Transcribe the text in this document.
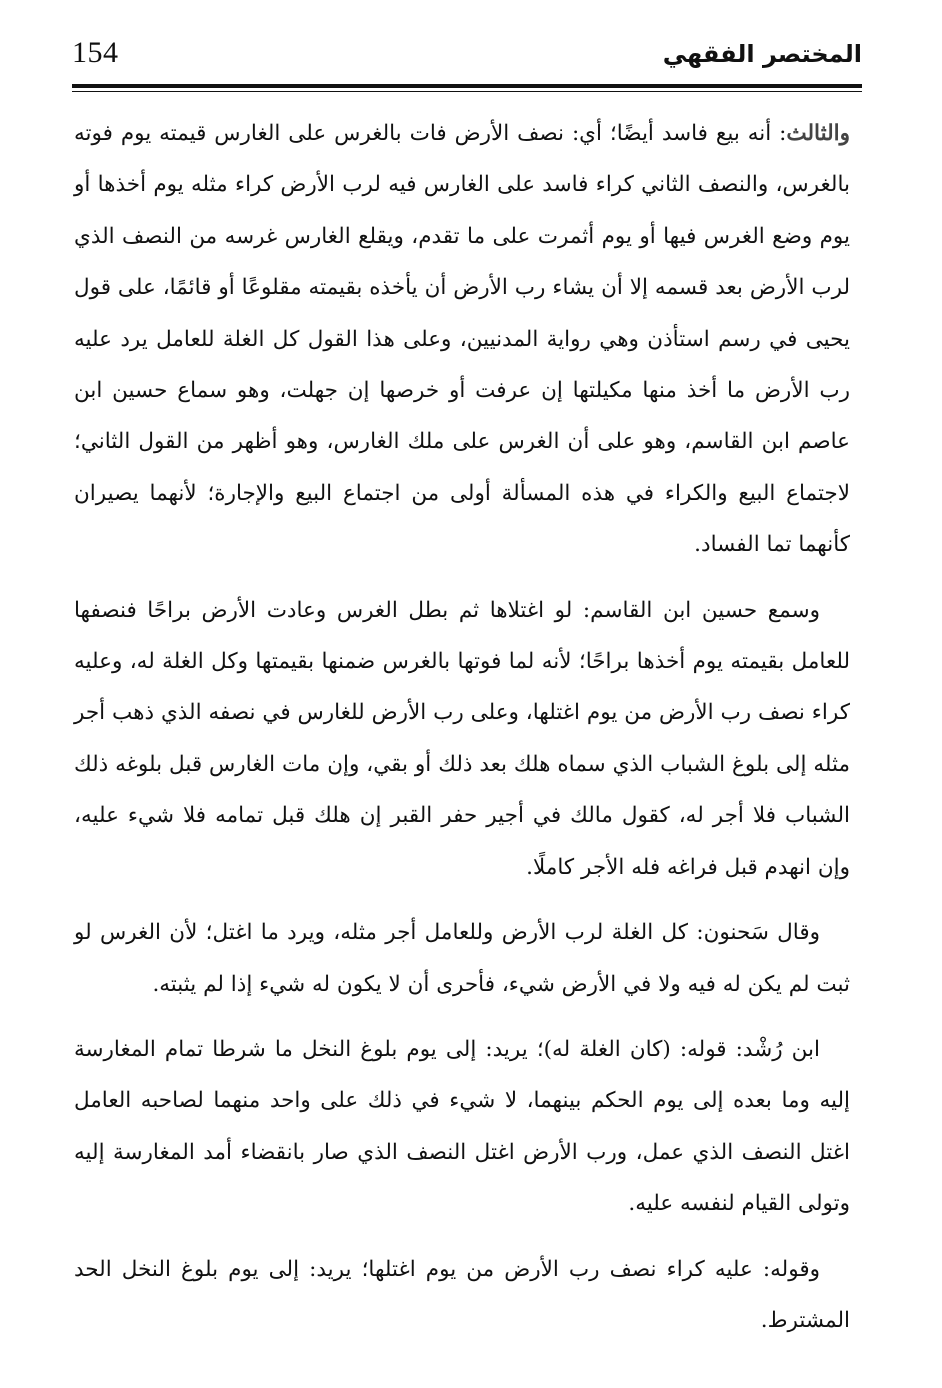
154	المختصر الفقهي

والثالث: أنه بيع فاسد أيضًا؛ أي: نصف الأرض فات بالغرس على الغارس قيمته يوم فوته بالغرس، والنصف الثاني كراء فاسد على الغارس فيه لرب الأرض كراء مثله يوم أخذها أو يوم وضع الغرس فيها أو يوم أثمرت على ما تقدم، ويقلع الغارس غرسه من النصف الذي لرب الأرض بعد قسمه إلا أن يشاء رب الأرض أن يأخذه بقيمته مقلوعًا أو قائمًا، على قول يحيى في رسم استأذن وهي رواية المدنيين، وعلى هذا القول كل الغلة للعامل يرد عليه رب الأرض ما أخذ منها مكيلتها إن عرفت أو خرصها إن جهلت، وهو سماع حسين ابن عاصم ابن القاسم، وهو على أن الغرس على ملك الغارس، وهو أظهر من القول الثاني؛ لاجتماع البيع والكراء في هذه المسألة أولى من اجتماع البيع والإجارة؛ لأنهما يصيران كأنهما تما الفساد.

وسمع حسين ابن القاسم: لو اغتلاها ثم بطل الغرس وعادت الأرض براحًا فنصفها للعامل بقيمته يوم أخذها براحًا؛ لأنه لما فوتها بالغرس ضمنها بقيمتها وكل الغلة له، وعليه كراء نصف رب الأرض من يوم اغتلها، وعلى رب الأرض للغارس في نصفه الذي ذهب أجر مثله إلى بلوغ الشباب الذي سماه هلك بعد ذلك أو بقي، وإن مات الغارس قبل بلوغه ذلك الشباب فلا أجر له، كقول مالك في أجير حفر القبر إن هلك قبل تمامه فلا شيء عليه، وإن انهدم قبل فراغه فله الأجر كاملًا.

وقال سَحنون: كل الغلة لرب الأرض وللعامل أجر مثله، ويرد ما اغتل؛ لأن الغرس لو ثبت لم يكن له فيه ولا في الأرض شيء، فأحرى أن لا يكون له شيء إذا لم يثبته.

ابن رُشْد: قوله: (كان الغلة له)؛ يريد: إلى يوم بلوغ النخل ما شرطا تمام المغارسة إليه وما بعده إلى يوم الحكم بينهما، لا شيء في ذلك على واحد منهما لصاحبه العامل اغتل النصف الذي عمل، ورب الأرض اغتل النصف الذي صار بانقضاء أمد المغارسة إليه وتولى القيام لنفسه عليه.

وقوله: عليه كراء نصف رب الأرض من يوم اغتلها؛ يريد: إلى يوم بلوغ النخل الحد المشترط.
